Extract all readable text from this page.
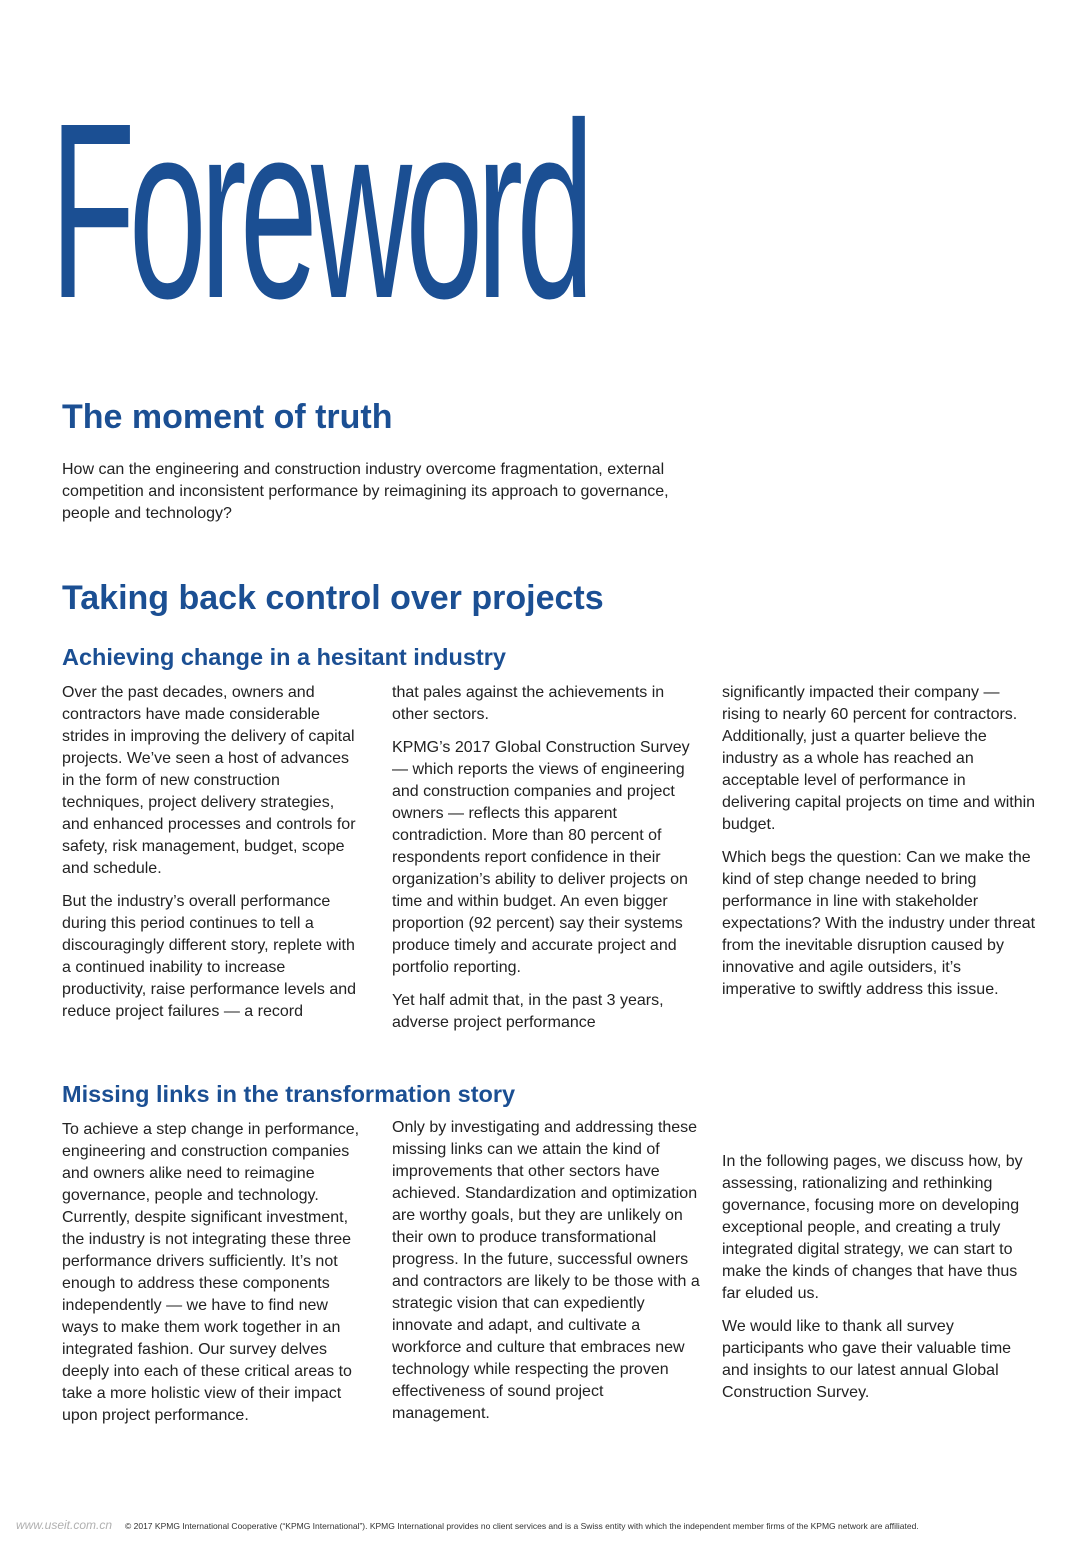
Foreword
The moment of truth

How can the engineering and construction industry overcome fragmentation, external competition and inconsistent performance by reimagining its approach to governance, people and technology?

Taking back control over projects
Achieving change in a hesitant industry

Over the past decades, owners and contractors have made considerable strides in improving the delivery of capital projects. We’ve seen a host of advances in the form of new construction techniques, project delivery strategies, and enhanced processes and controls for safety, risk management, budget, scope and schedule.

But the industry’s overall performance during this period continues to tell a discouragingly different story, replete with a continued inability to increase productivity, raise performance levels and reduce project failures — a record

that pales against the achievements in other sectors.

KPMG’s 2017 Global Construction Survey — which reports the views of engineering and construction companies and project owners — reflects this apparent contradiction. More than 80 percent of respondents report confidence in their organization’s ability to deliver projects on time and within budget. An even bigger proportion (92 percent) say their systems produce timely and accurate project and portfolio reporting.

Yet half admit that, in the past 3 years, adverse project performance

significantly impacted their company — rising to nearly 60 percent for contractors. Additionally, just a quarter believe the industry as a whole has reached an acceptable level of performance in delivering capital projects on time and within budget.

Which begs the question: Can we make the kind of step change needed to bring performance in line with stakeholder expectations? With the industry under threat from the inevitable disruption caused by innovative and agile outsiders, it’s imperative to swiftly address this issue.

Missing links in the transformation story

To achieve a step change in performance, engineering and construction companies and owners alike need to reimagine governance, people and technology. Currently, despite significant investment, the industry is not integrating these three performance drivers sufficiently. It’s not enough to address these components independently — we have to find new ways to make them work together in an integrated fashion. Our survey delves deeply into each of these critical areas to take a more holistic view of their impact upon project performance.

Only by investigating and addressing these missing links can we attain the kind of improvements that other sectors have achieved. Standardization and optimization are worthy goals, but they are unlikely on their own to produce transformational progress. In the future, successful owners and contractors are likely to be those with a strategic vision that can expediently innovate and adapt, and cultivate a workforce and culture that embraces new technology while respecting the proven effectiveness of sound project management.

In the following pages, we discuss how, by assessing, rationalizing and rethinking governance, focusing more on developing exceptional people, and creating a truly integrated digital strategy, we can start to make the kinds of changes that have thus far eluded us.

We would like to thank all survey participants who gave their valuable time and insights to our latest annual Global Construction Survey.

www.useit.com.cn © 2017 KPMG International Cooperative (“KPMG International”). KPMG International provides no client services and is a Swiss entity with which the independent member firms of the KPMG network are affiliated.
